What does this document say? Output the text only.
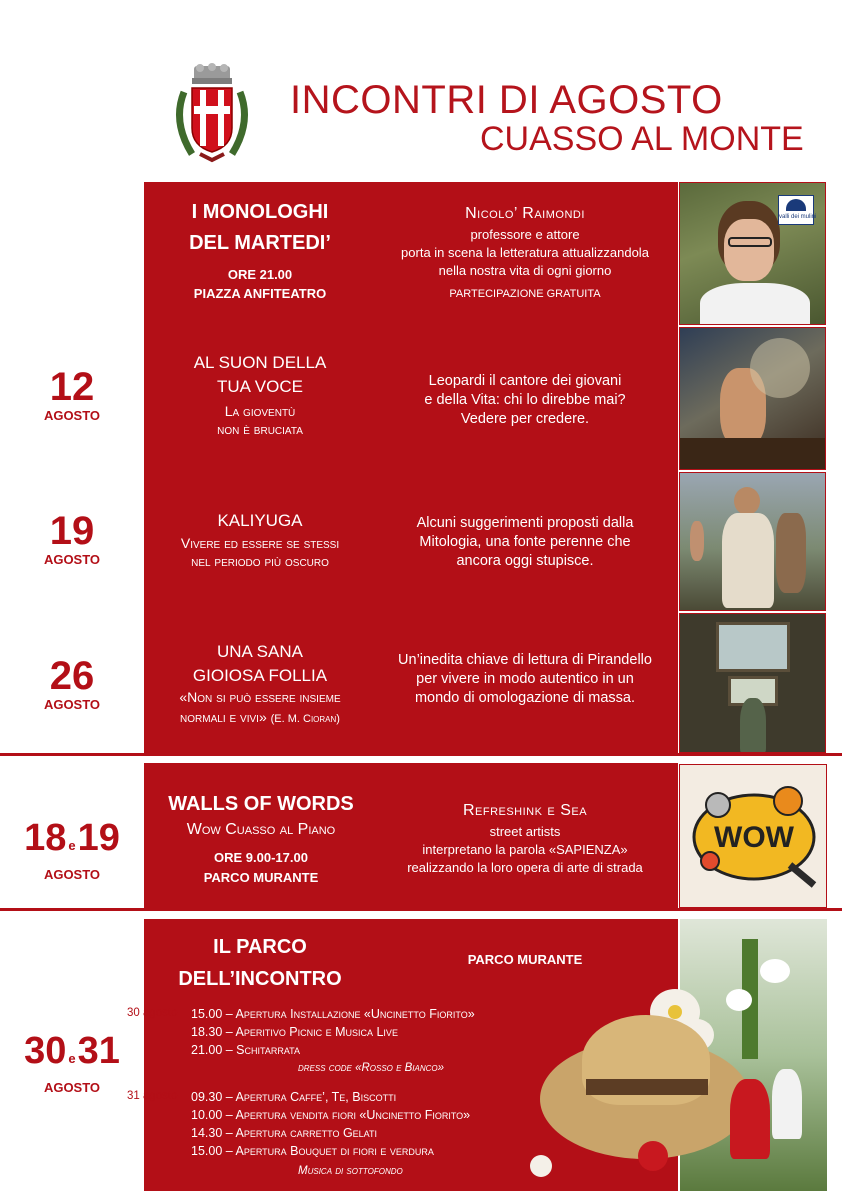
INCONTRI DI AGOSTO
CUASSO AL MONTE
I MONOLOGHI
DEL MARTEDI’
ORE 21.00
PIAZZA ANFITEATRO
Nicolo’ Raimondi
professore e attore
porta in scena la letteratura attualizzandola
nella nostra vita di ogni giorno
PARTECIPAZIONE GRATUITA
valli dei mulini
12
AGOSTO
AL SUON DELLA
TUA VOCE
La gioventù
non è bruciata
Leopardi il cantore dei giovani
e della Vita: chi lo direbbe mai?
Vedere per credere.
19
AGOSTO
KALIYUGA
Vivere ed essere se stessi
nel periodo più oscuro
Alcuni suggerimenti proposti dalla
Mitologia, una fonte perenne che
ancora oggi stupisce.
26
AGOSTO
UNA SANA
GIOIOSA FOLLIA
«Non si può essere insieme
normali e vivi» (E. M. Cioran)
Un’inedita chiave di lettura di Pirandello
per vivere in modo autentico in un
mondo di omologazione di massa.
18 e19
AGOSTO
WALLS OF WORDS
Wow Cuasso al Piano
ORE 9.00-17.00
PARCO MURANTE
Refreshink e Sea
street artists
interpretano la parola «SAPIENZA»
realizzando la loro opera di arte di strada
WOW
30 e31
AGOSTO
IL PARCO
DELL’INCONTRO
PARCO MURANTE
30 agosto 15.00 – Apertura Installazione «Uncinetto Fiorito»
18.30 – Aperitivo Picnic e Musica Live
21.00 – Schitarrata
dress code «Rosso e Bianco»
31 agosto 09.30 – Apertura Caffe’, Te, Biscotti
10.00 – Apertura vendita fiori «Uncinetto Fiorito»
14.30 – Apertura carretto Gelati
15.00 – Apertura Bouquet di fiori e verdura
Musica di sottofondo
